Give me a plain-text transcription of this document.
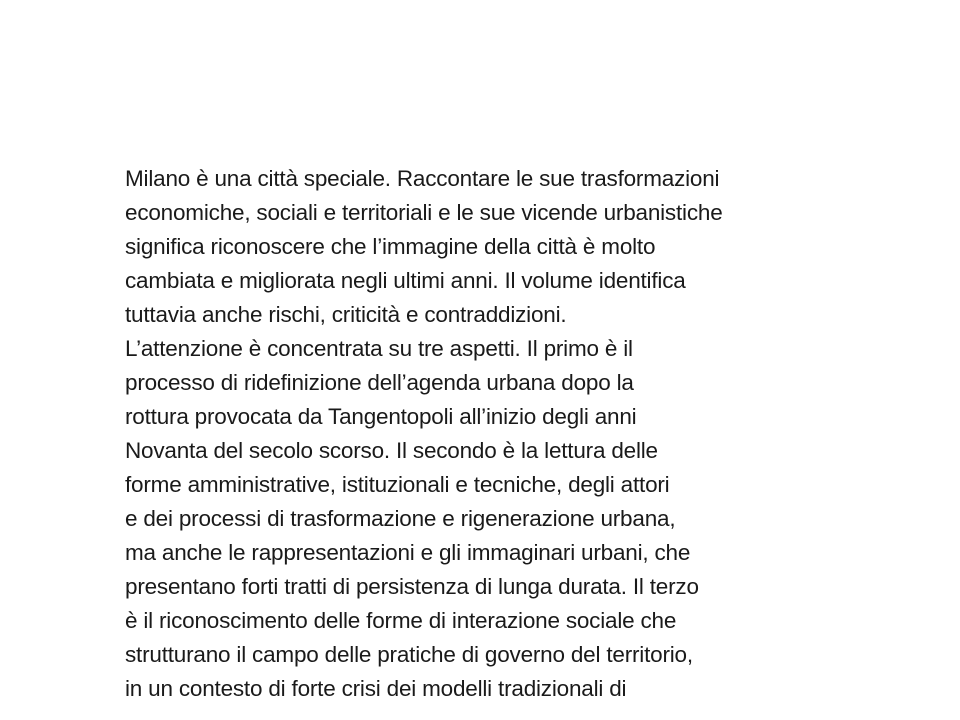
Milano è una città speciale. Raccontare le sue trasformazioni
economiche, sociali e territoriali e le sue vicende urbanistiche
significa riconoscere che l’immagine della città è molto
cambiata e migliorata negli ultimi anni. Il volume identifica
tuttavia anche rischi, criticità e contraddizioni.
L’attenzione è concentrata su tre aspetti. Il primo è il
processo di ridefinizione dell’agenda urbana dopo la
rottura provocata da Tangentopoli all’inizio degli anni
Novanta del secolo scorso. Il secondo è la lettura delle
forme amministrative, istituzionali e tecniche, degli attori
e dei processi di trasformazione e rigenerazione urbana,
ma anche le rappresentazioni e gli immaginari urbani, che
presentano forti tratti di persistenza di lunga durata. Il terzo
è il riconoscimento delle forme di interazione sociale che
strutturano il campo delle pratiche di governo del territorio,
in un contesto di forte crisi dei modelli tradizionali di
